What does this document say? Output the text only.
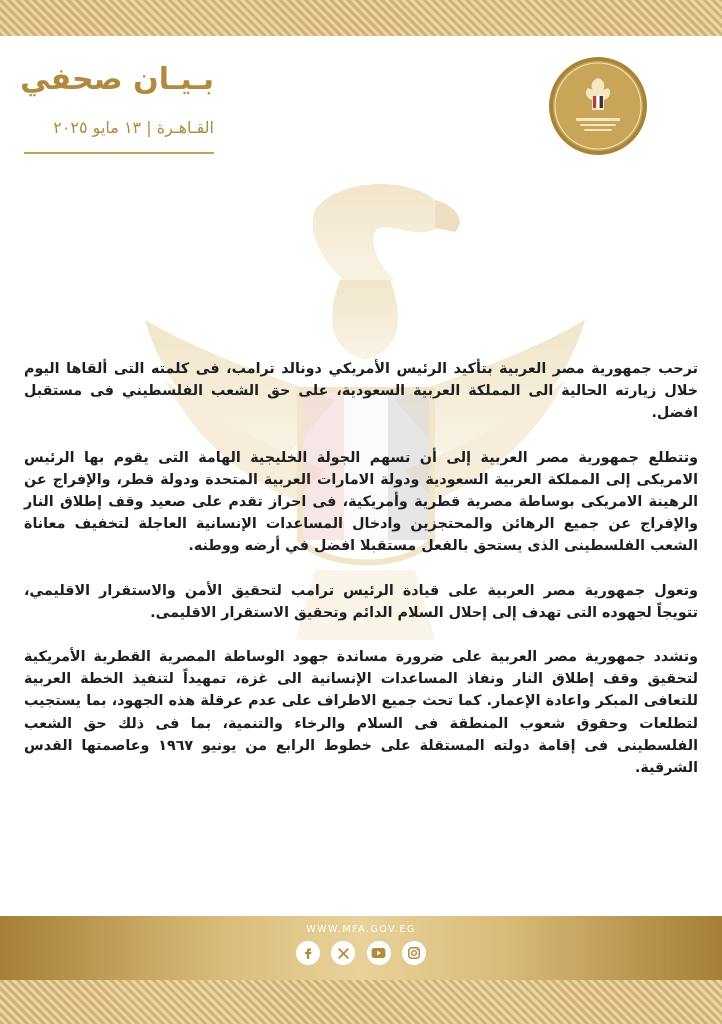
بـيـان صحفي
القـاهـرة | ١٣ مايو ٢٠٢٥

ترحب جمهورية مصر العربية بتأكيد الرئيس الأمريكي دونالد ترامب، فى كلمته التى ألقاها اليوم خلال زيارته الحالية الى المملكة العربية السعودية، على حق الشعب الفلسطيني فى مستقبل افضل.

وتتطلع جمهورية مصر العربية إلى أن تسهم الجولة الخليجية الهامة التى يقوم بها الرئيس الامريكى إلى المملكة العربية السعودية ودولة الامارات العربية المتحدة ودولة قطر، والإفراج عن الرهينة الامريكى بوساطة مصرية قطرية وأمريكية، فى احراز تقدم على صعيد وقف إطلاق النار والإفراج عن جميع الرهائن والمحتجزين وادخال المساعدات الإنسانية العاجلة لتخفيف معاناة الشعب الفلسطينى الذى يستحق بالفعل مستقبلا افضل في أرضه ووطنه.

وتعول جمهورية مصر العربية على قيادة الرئيس ترامب لتحقيق الأمن والاستقرار الاقليمي، تتويجاً لجهوده التى تهدف إلى إحلال السلام الدائم وتحقيق الاستقرار الاقليمى.

وتشدد جمهورية مصر العربية على ضرورة مساندة جهود الوساطة المصرية القطرية الأمريكية لتحقيق وقف إطلاق النار ونفاذ المساعدات الإنسانية الى غزة، تمهيداً لتنفيذ الخطة العربية للتعافى المبكر واعادة الإعمار. كما تحث جميع الاطراف على عدم عرقلة هذه الجهود، بما يستجيب لتطلعات وحقوق شعوب المنطقة فى السلام والرخاء والتنمية، بما فى ذلك حق الشعب الفلسطينى فى إقامة دولته المستقلة على خطوط الرابع من يونيو ١٩٦٧ وعاصمتها القدس الشرقية.

WWW.MFA.GOV.EG
